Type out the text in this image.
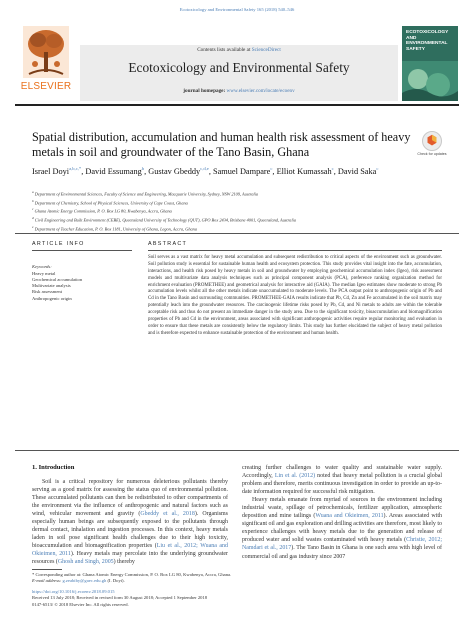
Ecotoxicology and Environmental Safety 165 (2018) 540–546
ELSEVIER
Contents lists available at ScienceDirect
Ecotoxicology and Environmental Safety
journal homepage: www.elsevier.com/locate/ecoenv
ECOTOXICOLOGY AND ENVIRONMENTAL SAFETY
Spatial distribution, accumulation and human health risk assessment of heavy metals in soil and groundwater of the Tano Basin, Ghana	Check for updates
Israel Doyi$^{a,b,c,*}$, David Essumang$^b$, Gustav Gbeddy$^{c,d,e}$, Samuel Dampare$^c$, Elliot Kumassah$^c$, David Saka$^c$
$^a$ Department of Environmental Sciences, Faculty of Science and Engineering, Macquarie University, Sydney, NSW 2109, Australia
$^b$ Department of Chemistry, School of Physical Sciences, University of Cape Coast, Ghana
$^c$ Ghana Atomic Energy Commission, P. O. Box LG 80, Kwabenya, Accra, Ghana
$^d$ Civil Engineering and Built Environment (CEBE), Queensland University of Technology (QUT), GPO Box 2434, Brisbane 4001, Queensland, Australia
$^e$ Department of Teacher Education, P. O. Box 1181, University of Ghana, Legon, Accra, Ghana
ARTICLE INFO	ABSTRACT
Keywords:
Heavy metal
Geochemical accumulation
Multivariate analysis
Risk assessment
Anthropogenic origin
Soil serves as a vast matrix for heavy metal accumulation and subsequent redistribution to critical aspects of the environment such as groundwater. Soil pollution study is essential for sustainable human health and ecosystem protection. This study provides vital insight into the fate, accumulation, interactions, and health risk posed by heavy metals in soil and groundwater by employing geochemical accumulation index (Igeo), risk assessment models and multivariate data analysis techniques such as principal component analysis (PCA), preference ranking organization method for enrichment evaluation (PROMETHEE) and geometrical analysis for interactive aid (GAIA). The median Igeo estimates show moderate to strong Pb accumulation levels whilst all the other metals indicate unaccumulated to moderate levels. The PCA output point to anthropogenic origin of Pb and Cd in the Tano Basin and surrounding communities. PROMETHEE-GAIA results indicate that Pb, Cd, Zn and Fe accumulated in the soil matrix may potentially leach into the groundwater resources. The carcinogenic lifetime risks posed by Pb, Cd, and Ni metals to adults are within the tolerable acceptable risk and thus do not present an immediate danger in the study area. Due to the significant toxicity, bioaccumulation and biomagnification properties of Pb and Cd in the environment, areas associated with significant anthropogenic activities require regular monitoring and evaluation in order to ensure that these metals are consistently below the regulatory limits. This study has further elucidated the subject of heavy metal pollution and is therefore expected to enhance sustainable protection of the environment and human health.
1. Introduction
Soil is a critical repository for numerous deleterious pollutants thereby serving as a good matrix for assessing the status quo of environmental pollution. These accumulated pollutants can then be redistributed to other compartments of the environment via the influence of anthropogenic and natural factors such as wind, vehicular movement and gravity (Gbeddy et al., 2018). Organisms especially human beings are subsequently exposed to the pollutants through dermal contact, inhalation and ingestion processes. In this context, heavy metals laden in soil pose significant health challenges due to their high toxicity, bioaccumulation and biomagnification properties (Liu et al., 2012; Wuana and Okieimen, 2011). Heavy metals may percolate into the underlying groundwater resources (Ghosh and Singh, 2005) thereby

creating further challenges to water quality and sustainable water supply. Accordingly, Lin et al. (2012) noted that heavy metal pollution is a crucial global problem and therefore, merits continuous investigation in order to provide an up-to-date information required for successful risk mitigation.

Heavy metals emanate from myriad of sources in the environment including industrial waste, spillage of petrochemicals, fertilizer application, atmospheric deposition and mine tailings (Wuana and Okieimen, 2011). Areas associated with significant oil and gas exploration and drilling activities are therefore, most likely to experience challenges with heavy metals due to the generation and release of produced water and solid wastes contaminated with heavy metals (Christie, 2012; Namdari et al., 2017). The Tano Basin in Ghana is one such area with high level of commercial oil and gas industry since 2007

* Corresponding author at: Ghana Atomic Energy Commission, P. O. Box LG 80, Kwabenya, Accra, Ghana.
E-mail address: g.zeabiby@gaec.edu.gh (I. Doyi).
https://doi.org/10.1016/j.ecoenv.2018.09.015
Received 13 July 2018; Received in revised form 30 August 2018; Accepted 1 September 2018
0147-6513/ © 2018 Elsevier Inc. All rights reserved.
